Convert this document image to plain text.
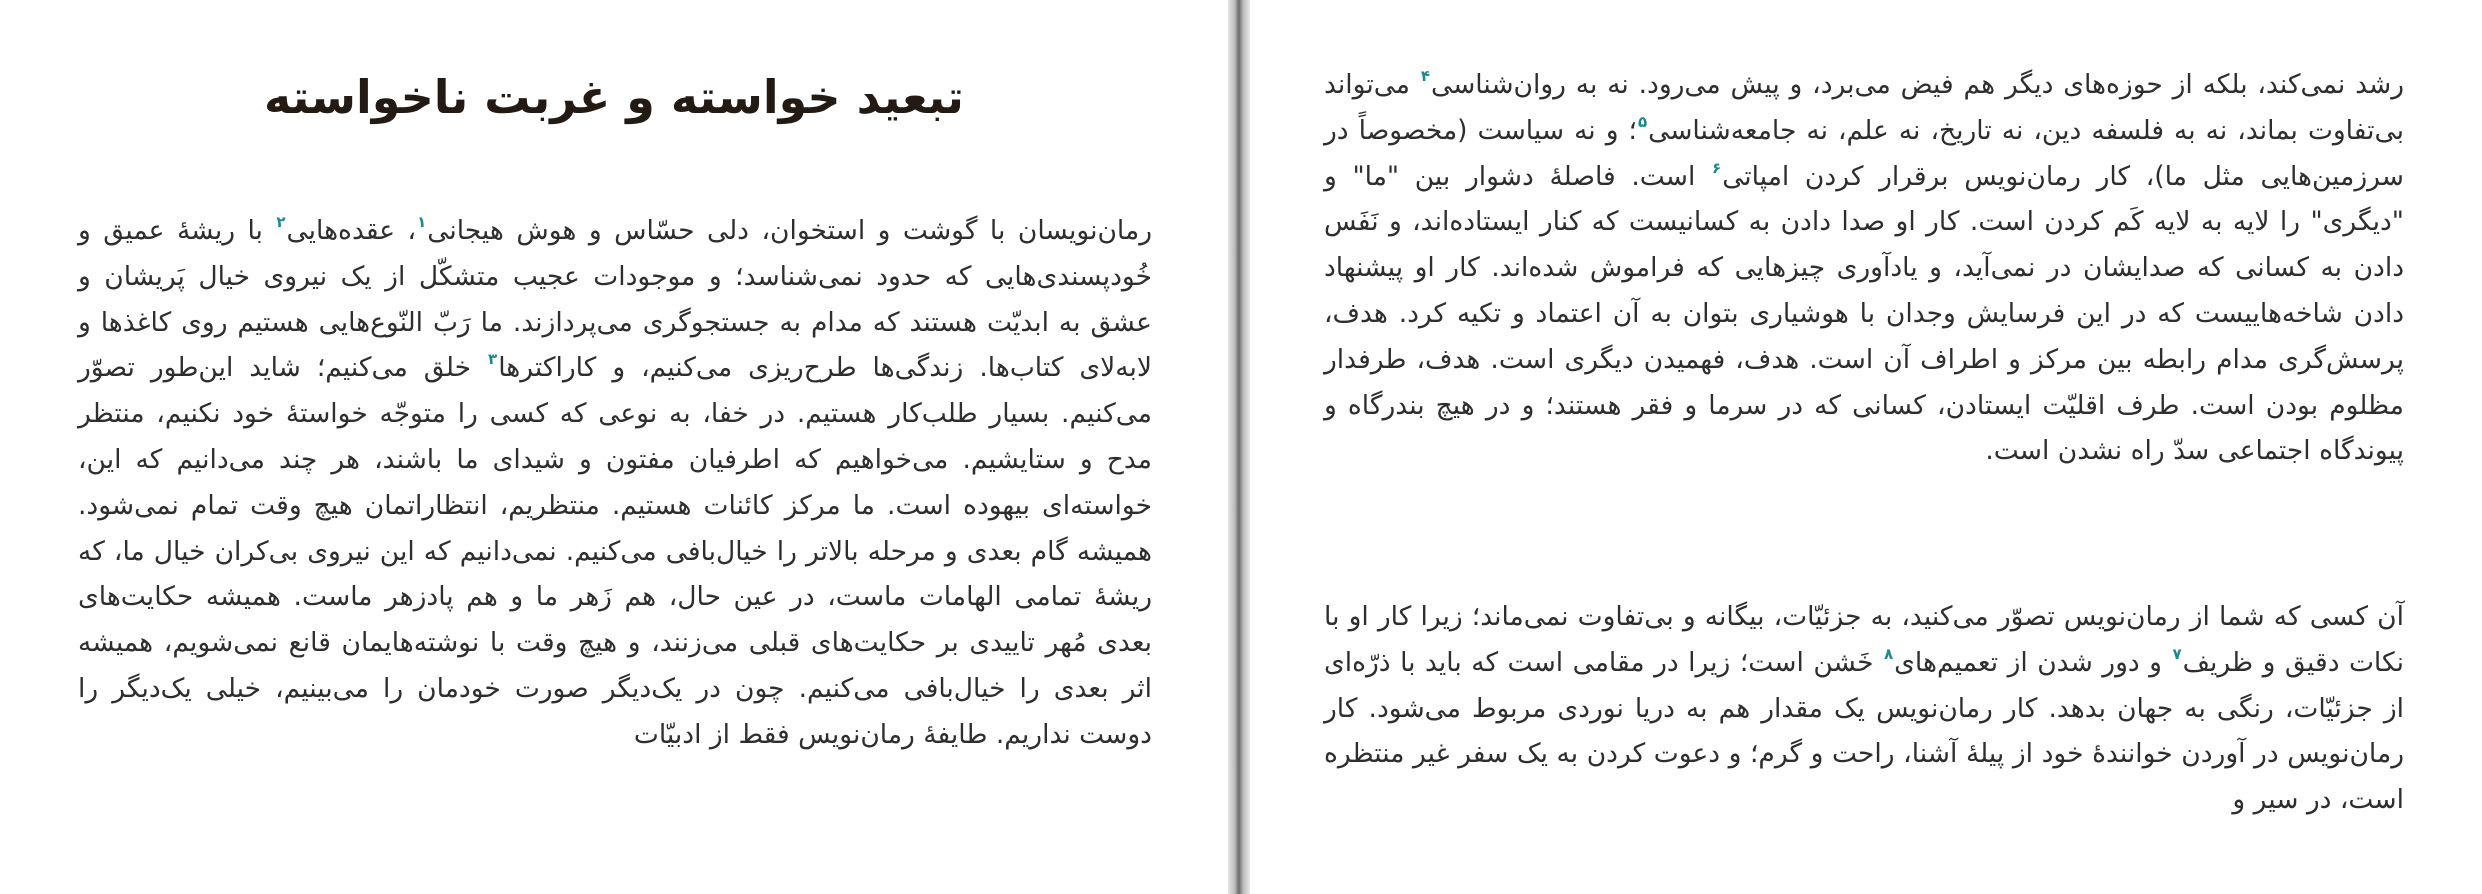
تبعید خواسته و غربت ناخواسته

رمان‌نویسان با گوشت و استخوان، دلی حسّاس و هوش هیجانی$^۱$، عقده‌هایی$^۲$ با ریشهٔ عمیق و خُودپسندی‌هایی که حدود نمی‌شناسد؛ و موجودات عجیب متشکّل از یک نیروی خیال پَریشان و عشق به ابدیّت هستند که مدام به جستجوگری می‌پردازند. ما رَبّ النّوع‌هایی هستیم روی کاغذها و لابه‌لای کتاب‌ها. زندگی‌ها طرح‌ریزی می‌کنیم، و کاراکترها$^۳$ خلق می‌کنیم؛ شاید این‌طور تصوّر می‌کنیم. بسیار طلب‌کار هستیم. در خفا، به نوعی که کسی را متوجّه خواستهٔ خود نکنیم، منتظر مدح و ستایشیم. می‌خواهیم که اطرفیان مفتون و شیدای ما باشند، هر چند می‌دانیم که این، خواسته‌ای بیهوده است. ما مرکز کائنات هستیم. منتظریم، انتظاراتمان هیچ وقت تمام نمی‌شود. همیشه گام بعدی و مرحله بالاتر را خیال‌بافی می‌کنیم. نمی‌دانیم که این نیروی بی‌کران خیال ما، که ریشهٔ تمامی الهامات ماست، در عین حال، هم زَهر ما و هم پادزهر ماست. همیشه حکایت‌های بعدی مُهر تاییدی بر حکایت‌های قبلی می‌زنند، و هیچ وقت با نوشته‌هایمان قانع نمی‌شویم، همیشه اثر بعدی را خیال‌بافی می‌کنیم. چون در یک‌دیگر صورت خودمان را می‌بینیم، خیلی یک‌دیگر را دوست نداریم. طایفهٔ رمان‌نویس فقط از ادبیّات

رشد نمی‌کند، بلکه از حوزه‌های دیگر هم فیض می‌برد، و پیش می‌رود. نه به روان‌شناسی$^۴$ می‌تواند بی‌تفاوت بماند، نه به فلسفه دین، نه تاریخ، نه علم، نه جامعه‌شناسی$^۵$؛ و نه سیاست (مخصوصاً در سرزمین‌هایی مثل ما)، کار رمان‌نویس برقرار کردن امپاتی$^۶$ است. فاصلهٔ دشوار بین "ما" و "دیگری" را لایه به لایه کَم کردن است. کار او صدا دادن به کسانیست که کنار ایستاده‌اند، و نَفَس دادن به کسانی که صدایشان در نمی‌آید، و یادآوری چیزهایی که فراموش شده‌اند. کار او پیشنهاد دادن شاخه‌هاییست که در این فرسایش وجدان با هوشیاری بتوان به آن اعتماد و تکیه کرد. هدف، پرسش‌گری مدام رابطه بین مرکز و اطراف آن است. هدف، فهمیدن دیگری است. هدف، طرفدار مظلوم بودن است. طرف اقلیّت ایستادن، کسانی که در سرما و فقر هستند؛ و در هیچ بندرگاه و پیوندگاه اجتماعی سدّ راه نشدن است.

آن کسی که شما از رمان‌نویس تصوّر می‌کنید، به جزئیّات، بیگانه و بی‌تفاوت نمی‌ماند؛ زیرا کار او با نکات دقیق و ظریف$^۷$ و دور شدن از تعمیم‌های$^۸$ خَشن است؛ زیرا در مقامی است که باید با ذرّه‌ای از جزئیّات، رنگی به جهان بدهد. کار رمان‌نویس یک مقدار هم به دریا نوردی مربوط می‌شود. کار رمان‌نویس در آوردن خوانندهٔ خود از پیلهٔ آشنا، راحت و گرم؛ و دعوت کردن به یک سفر غیر منتظره است، در سیر و
